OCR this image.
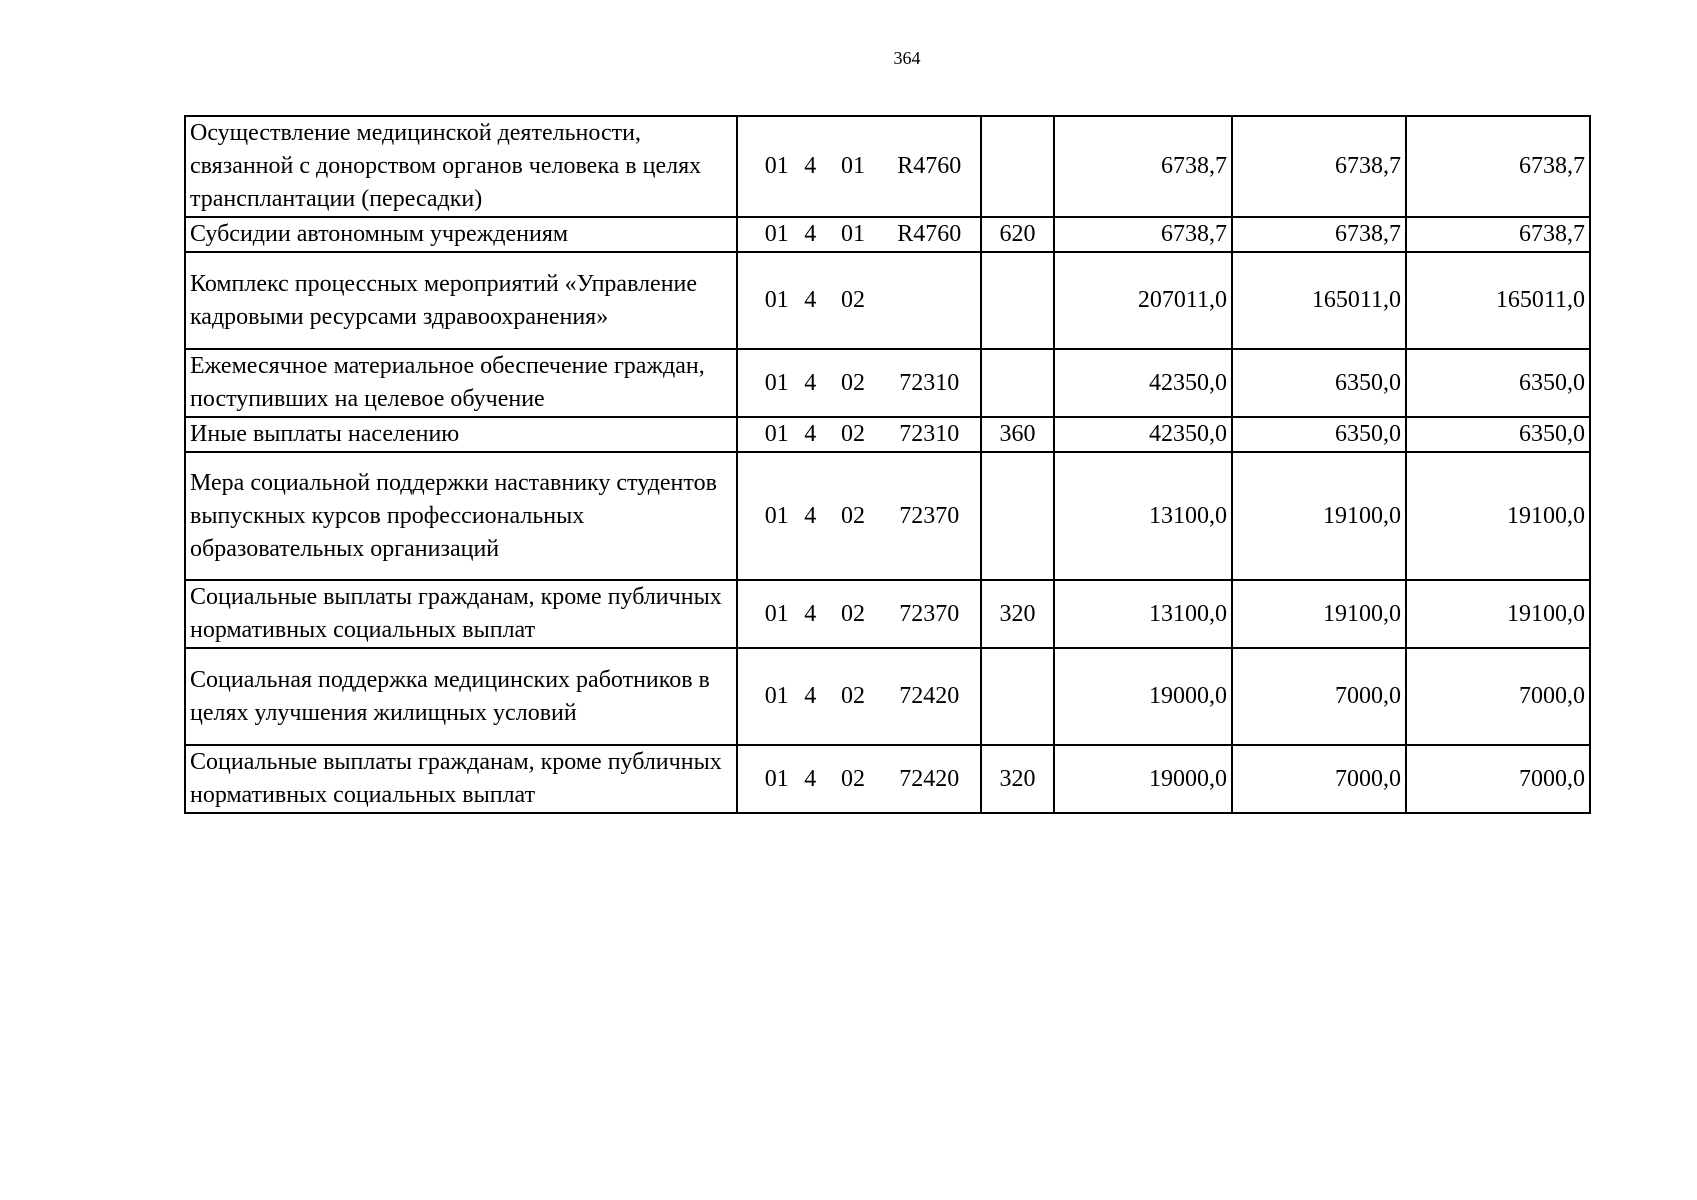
364
Осуществление медицинской деятельности, связанной с донорством органов человека в целях трансплантации (пересадки)	01 4 01 R4760		6738,7	6738,7	6738,7
Субсидии автономным учреждениям	01 4 01 R4760	620	6738,7	6738,7	6738,7
Комплекс процессных мероприятий «Управление кадровыми ресурсами здравоохранения»	01 4 02		207011,0	165011,0	165011,0
Ежемесячное материальное обеспечение граждан, поступивших на целевое обучение	01 4 02 72310		42350,0	6350,0	6350,0
Иные выплаты населению	01 4 02 72310	360	42350,0	6350,0	6350,0
Мера социальной поддержки наставнику студентов выпускных курсов профессиональных образовательных организаций	01 4 02 72370		13100,0	19100,0	19100,0
Социальные выплаты гражданам, кроме публичных нормативных социальных выплат	01 4 02 72370	320	13100,0	19100,0	19100,0
Социальная поддержка медицинских работников в целях улучшения жилищных условий	01 4 02 72420		19000,0	7000,0	7000,0
Социальные выплаты гражданам, кроме публичных нормативных социальных выплат	01 4 02 72420	320	19000,0	7000,0	7000,0
